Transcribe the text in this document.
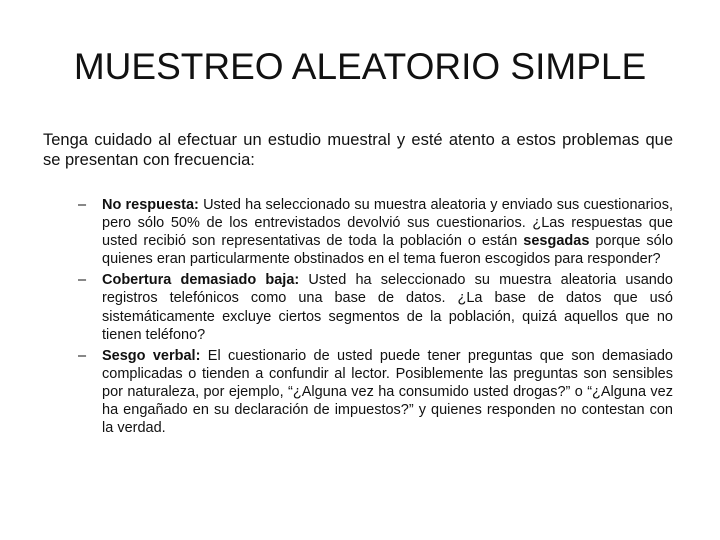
MUESTREO ALEATORIO SIMPLE

Tenga cuidado al efectuar un estudio muestral y esté atento a estos problemas que se presentan con frecuencia:

– No respuesta: Usted ha seleccionado su muestra aleatoria y enviado sus cuestionarios, pero sólo 50% de los entrevistados devolvió sus cuestionarios. ¿Las respuestas que usted recibió son representativas de toda la población o están sesgadas porque sólo quienes eran particularmente obstinados en el tema fueron escogidos para responder?
– Cobertura demasiado baja: Usted ha seleccionado su muestra aleatoria usando registros telefónicos como una base de datos. ¿La base de datos que usó sistemáticamente excluye ciertos segmentos de la población, quizá aquellos que no tienen teléfono?
– Sesgo verbal: El cuestionario de usted puede tener preguntas que son demasiado complicadas o tienden a confundir al lector. Posiblemente las preguntas son sensibles por naturaleza, por ejemplo, “¿Alguna vez ha consumido usted drogas?” o “¿Alguna vez ha engañado en su declaración de impuestos?” y quienes responden no contestan con la verdad.
